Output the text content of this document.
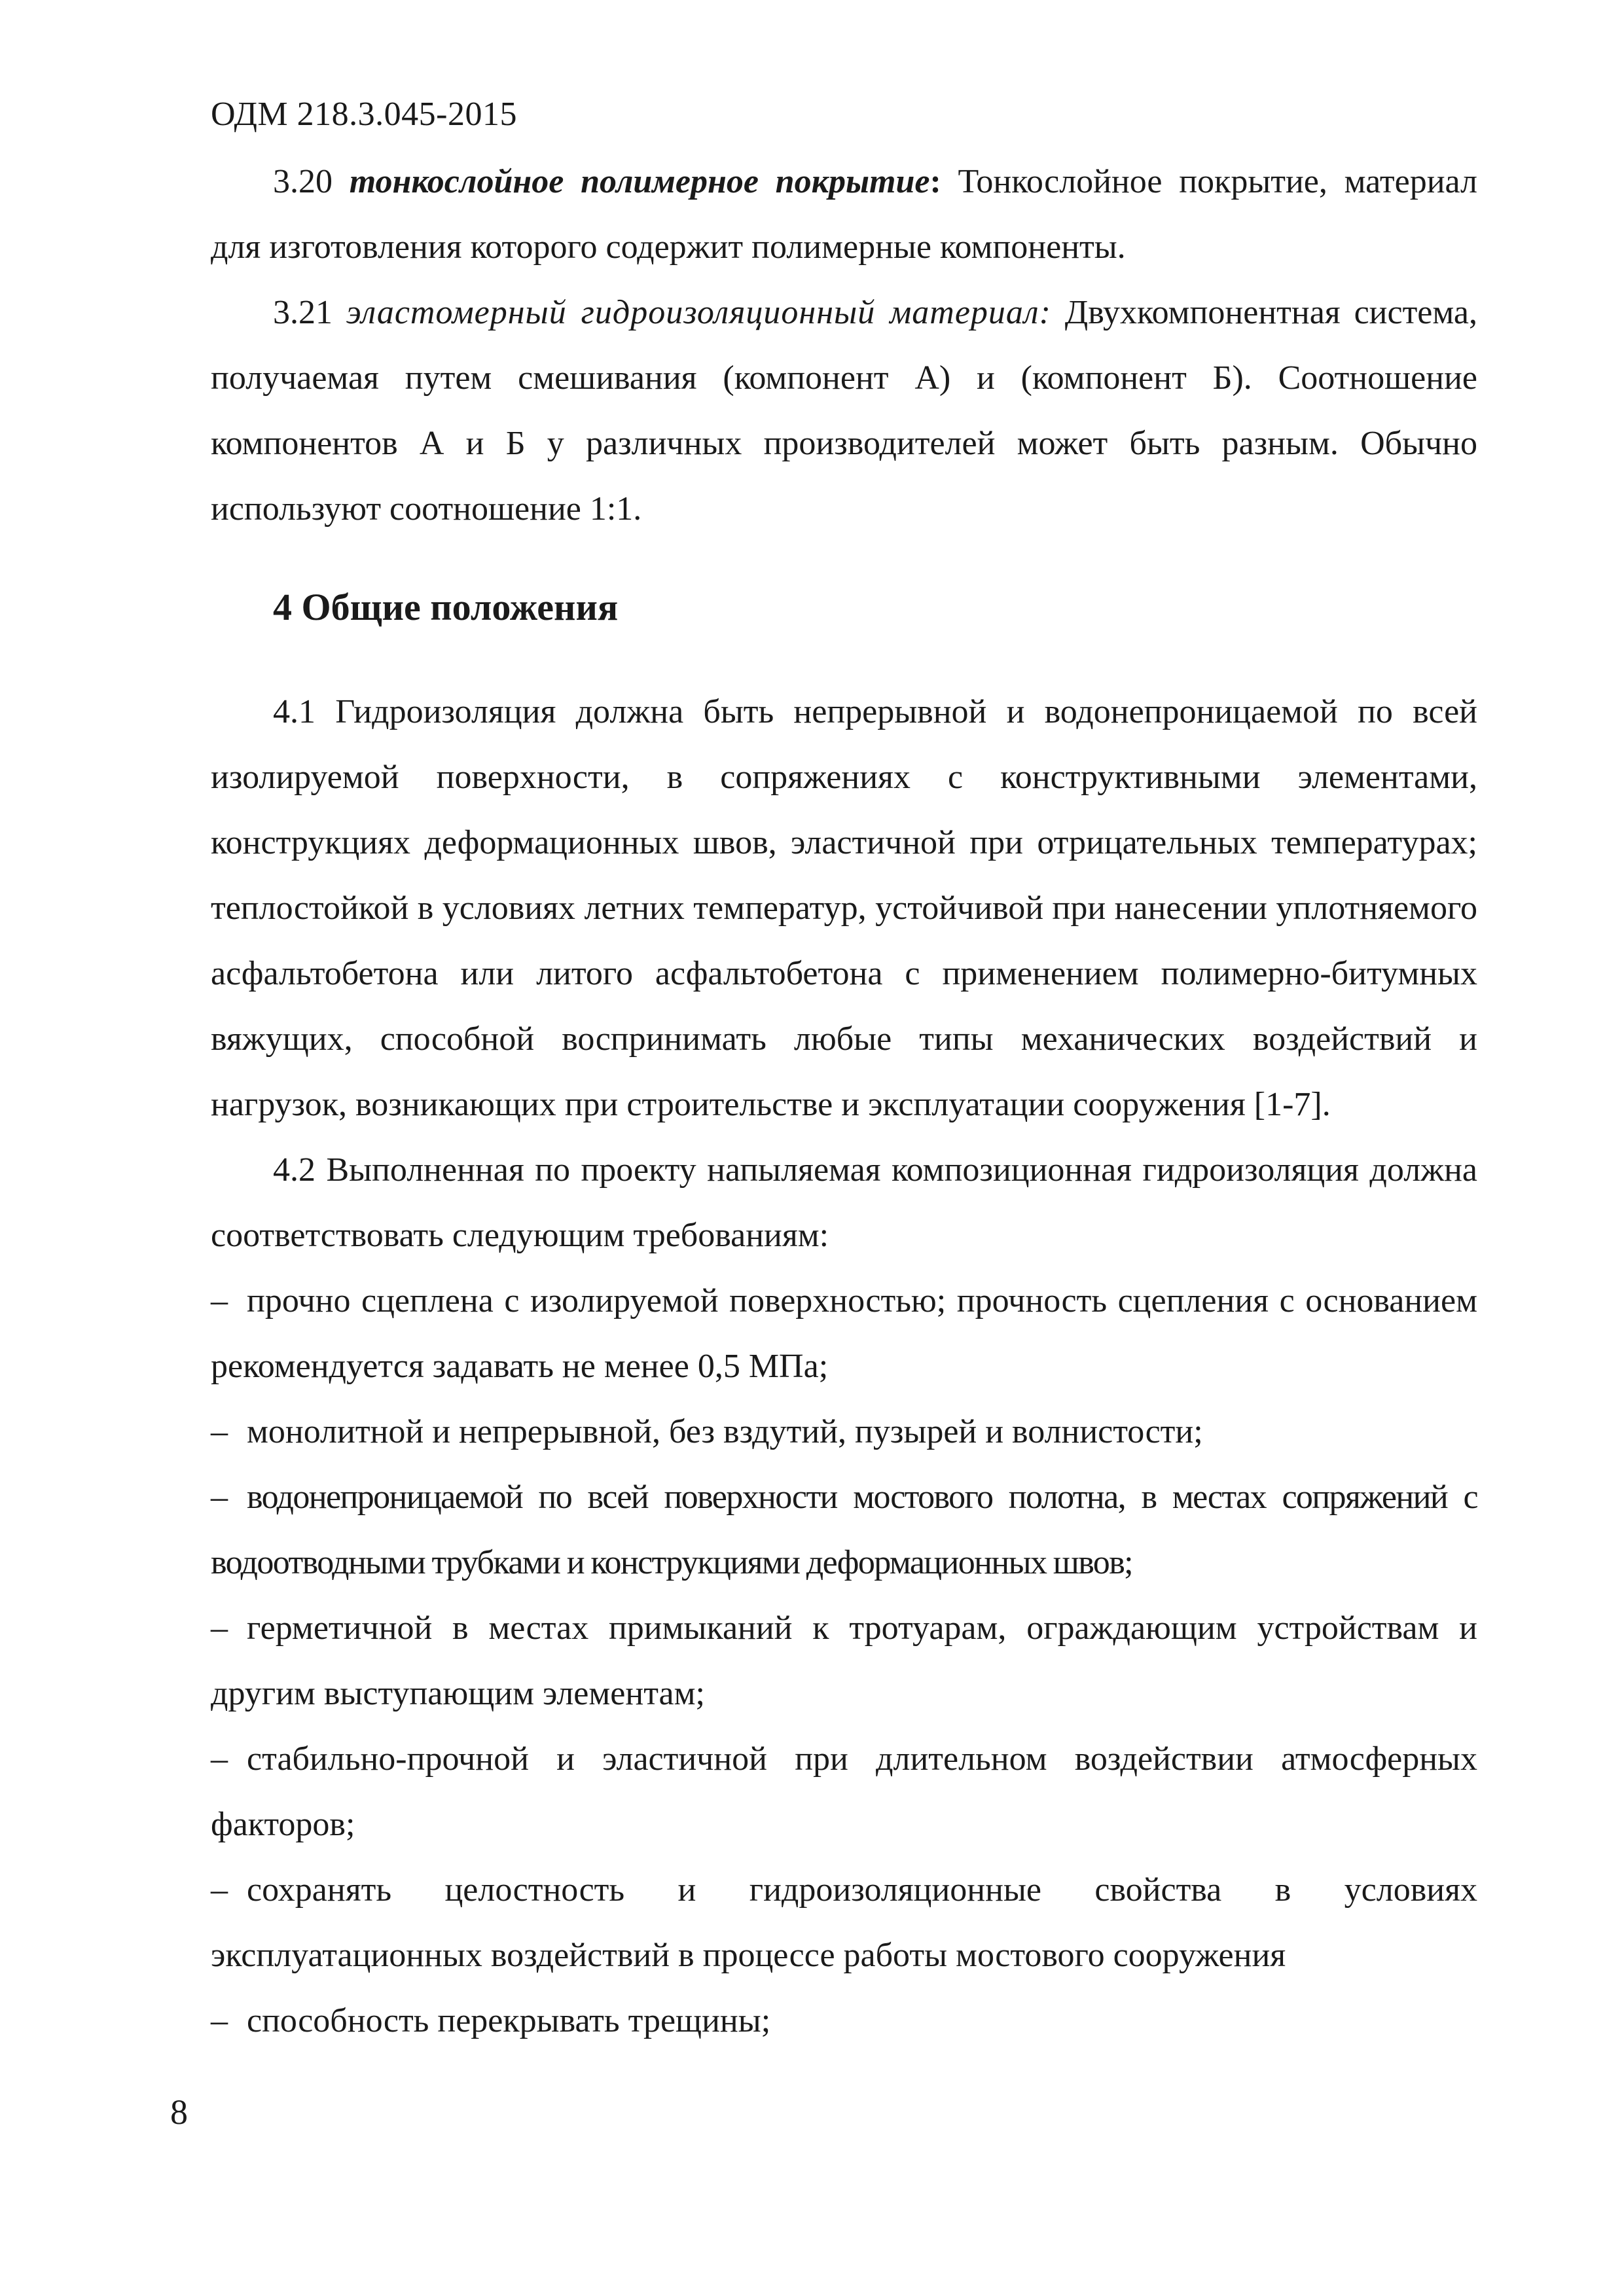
ОДМ 218.3.045-2015

3.20 тонкослойное полимерное покрытие: Тонкослойное покрытие, материал для изготовления которого содержит полимерные компоненты.

3.21 эластомерный гидроизоляционный материал: Двухкомпонентная система, получаемая путем смешивания (компонент А) и (компонент Б). Соотношение компонентов А и Б у различных производителей может быть разным. Обычно используют соотношение 1:1.

4 Общие положения

4.1 Гидроизоляция должна быть непрерывной и водонепроницаемой по всей изолируемой поверхности, в сопряжениях с конструктивными элементами, конструкциях деформационных швов, эластичной при отрицательных температурах; теплостойкой в условиях летних температур, устойчивой при нанесении уплотняемого асфальтобетона или литого асфальтобетона с применением полимерно-битумных вяжущих, способной воспринимать любые типы механических воздействий и нагрузок, возникающих при строительстве и эксплуатации сооружения [1-7].

4.2 Выполненная по проекту напыляемая композиционная гидроизоляция должна соответствовать следующим требованиям:

– прочно сцеплена с изолируемой поверхностью; прочность сцепления с основанием рекомендуется задавать не менее 0,5 МПа;

– монолитной и непрерывной, без вздутий, пузырей и волнистости;

– водонепроницаемой по всей поверхности мостового полотна, в местах сопряжений с водоотводными трубками и конструкциями деформационных швов;

– герметичной в местах примыканий к тротуарам, ограждающим устройствам и другим выступающим элементам;

– стабильно-прочной и эластичной при длительном воздействии атмосферных факторов;

– сохранять целостность и гидроизоляционные свойства в условиях эксплуатационных воздействий в процессе работы мостового сооружения

– способность перекрывать трещины;

8
